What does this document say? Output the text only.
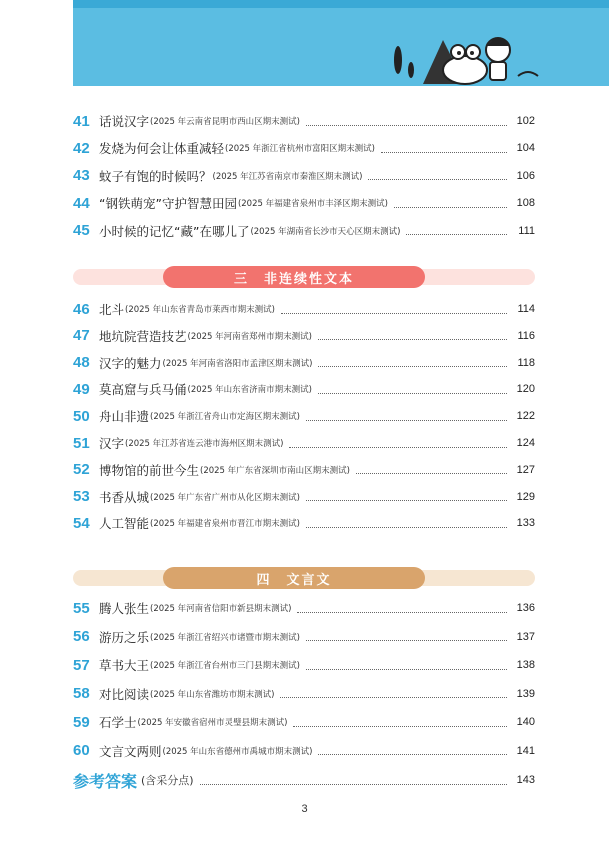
41 话说汉字 (2025 年云南省昆明市西山区期末测试)	102
42 发烧为何会让体重减轻 (2025 年浙江省杭州市富阳区期末测试)	104
43 蚊子有饱的时候吗？ (2025 年江苏省南京市秦淮区期末测试)	106
44 “钢铁萌宠”守护智慧田园 (2025 年福建省泉州市丰泽区期末测试)	108
45 小时候的记忆“藏”在哪儿了 (2025 年湖南省长沙市天心区期末测试)	111
三　非连续性文本
46 北斗 (2025 年山东省青岛市莱西市期末测试)	114
47 地坑院营造技艺 (2025 年河南省郑州市期末测试)	116
48 汉字的魅力 (2025 年河南省洛阳市孟津区期末测试)	118
49 莫高窟与兵马俑 (2025 年山东省济南市期末测试)	120
50 舟山非遗 (2025 年浙江省舟山市定海区期末测试)	122
51 汉字 (2025 年江苏省连云港市海州区期末测试)	124
52 博物馆的前世今生 (2025 年广东省深圳市南山区期末测试)	127
53 书香从城 (2025 年广东省广州市从化区期末测试)	129
54 人工智能 (2025 年福建省泉州市晋江市期末测试)	133
四　文言文
55 腾人张生 (2025 年河南省信阳市新县期末测试)	136
56 游历之乐 (2025 年浙江省绍兴市诸暨市期末测试)	137
57 草书大王 (2025 年浙江省台州市三门县期末测试)	138
58 对比阅读 (2025 年山东省潍坊市期末测试)	139
59 石学士 (2025 年安徽省宿州市灵璧县期末测试)	140
60 文言文两则 (2025 年山东省德州市禹城市期末测试)	141
参考答案 (含采分点)	143
3
